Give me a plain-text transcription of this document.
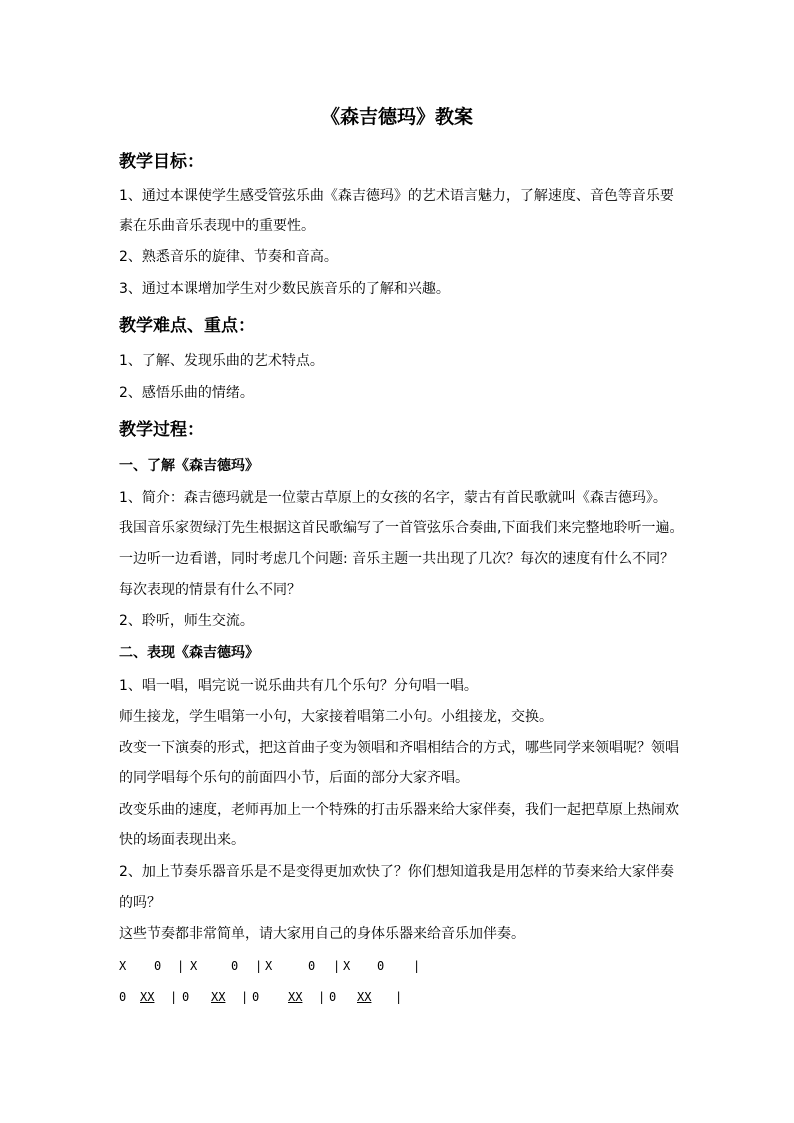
《森吉德玛》教案
教学目标：
1、通过本课使学生感受管弦乐曲《森吉德玛》的艺术语言魅力，了解速度、音色等音乐要
素在乐曲音乐表现中的重要性。
2、熟悉音乐的旋律、节奏和音高。
3、通过本课增加学生对少数民族音乐的了解和兴趣。
教学难点、重点：
1、了解、发现乐曲的艺术特点。
2、感悟乐曲的情绪。
教学过程：
一、了解《森吉德玛》
1、简介：森吉德玛就是一位蒙古草原上的女孩的名字，蒙古有首民歌就叫《森吉德玛》。
我国音乐家贺绿汀先生根据这首民歌编写了一首管弦乐合奏曲,下面我们来完整地聆听一遍。
一边听一边看谱，同时考虑几个问题: 音乐主题一共出现了几次？每次的速度有什么不同？
每次表现的情景有什么不同？
2、聆听，师生交流。
二、表现《森吉德玛》
1、唱一唱，唱完说一说乐曲共有几个乐句？分句唱一唱。
师生接龙，学生唱第一小句，大家接着唱第二小句。小组接龙，交换。
改变一下演奏的形式，把这首曲子变为领唱和齐唱相结合的方式，哪些同学来领唱呢？领唱
的同学唱每个乐句的前面四小节，后面的部分大家齐唱。
改变乐曲的速度，老师再加上一个特殊的打击乐器来给大家伴奏，我们一起把草原上热闹欢
快的场面表现出来。
2、加上节奏乐器音乐是不是变得更加欢快了？你们想知道我是用怎样的节奏来给大家伴奏
的吗？
这些节奏都非常简单，请大家用自己的身体乐器来给音乐加伴奏。
X 0 | X	0 | X	0 | X 0 |
0 XX | 0 XX | 0 XX | 0 XX |
